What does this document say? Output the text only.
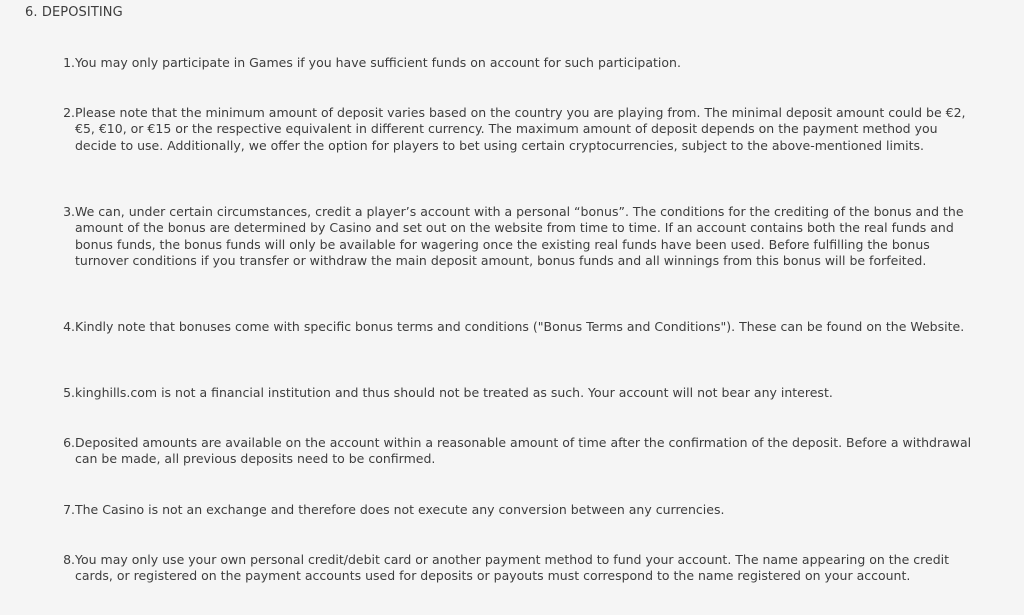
6. DEPOSITING
1 . You may only participate in Games if you have sufficient funds on account for such participation.
2 . Please note that the minimum amount of deposit varies based on the country you are playing from. The minimal deposit amount could be €2, €5, €10, or €15 or the respective equivalent in different currency. The maximum amount of deposit depends on the payment method you decide to use. Additionally, we offer the option for players to bet using certain cryptocurrencies, subject to the above-mentioned limits.
3 . We can, under certain circumstances, credit a player’s account with a personal “bonus”. The conditions for the crediting of the bonus and the amount of the bonus are determined by Casino and set out on the website from time to time. If an account contains both the real funds and bonus funds, the bonus funds will only be available for wagering once the existing real funds have been used. Before fulfilling the bonus turnover conditions if you transfer or withdraw the main deposit amount, bonus funds and all winnings from this bonus will be forfeited.
4 . Kindly note that bonuses come with specific bonus terms and conditions ("Bonus Terms and Conditions"). These can be found on the Website.
5 . kinghills.com is not a financial institution and thus should not be treated as such. Your account will not bear any interest.
6 . Deposited amounts are available on the account within a reasonable amount of time after the confirmation of the deposit. Before a withdrawal can be made, all previous deposits need to be confirmed.
7 . The Casino is not an exchange and therefore does not execute any conversion between any currencies.
8 . You may only use your own personal credit/debit card or another payment method to fund your account. The name appearing on the credit cards, or registered on the payment accounts used for deposits or payouts must correspond to the name registered on your account.
